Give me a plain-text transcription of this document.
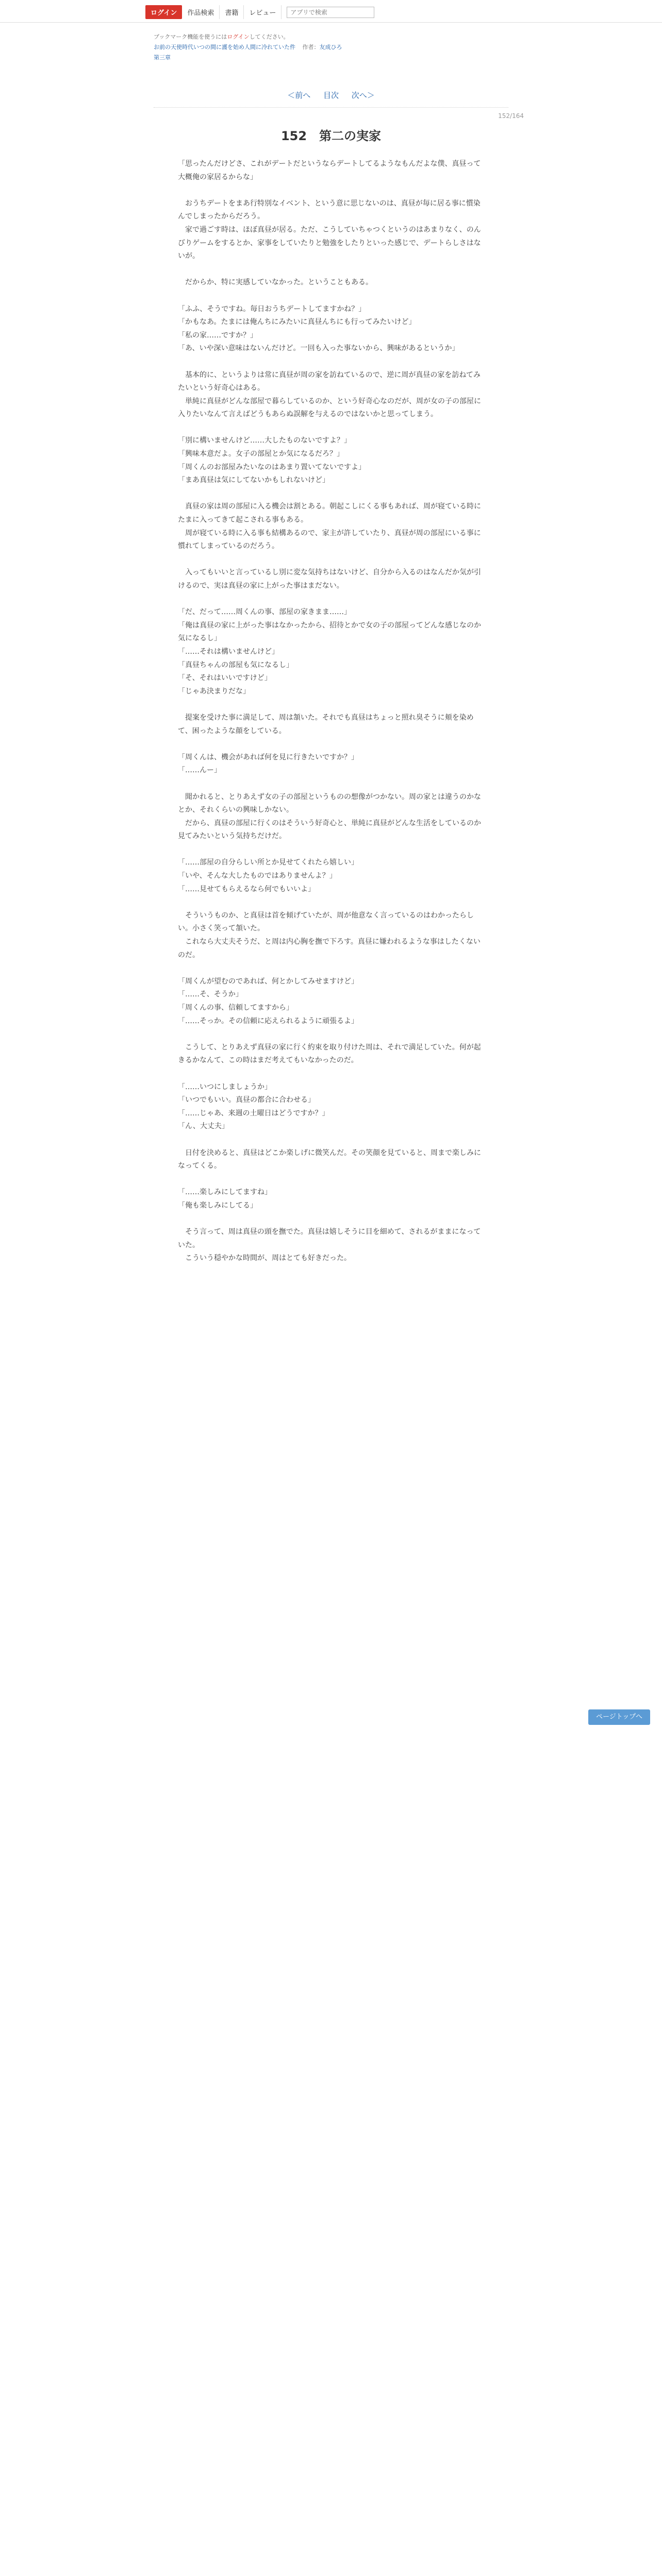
ログイン	作品検索	書籍	レビュー
アプリで検索
ブックマーク機能を使うにはログインしてください。
お前の天使時代いつの間に護を始め人間に冷れていた件 作者：友成ひろ
第三章
＜前へ 目次 次へ＞
152/164
152　第二の実家

「思ったんだけどさ、これがデートだというならデートしてるようなもんだよな僕、真昼って大概俺の家居るからな」

　おうちデートをまあ行特別なイベント、という意に思じないのは、真昼が毎に居る事に慣染んでしまったからだろう。

　家で過ごす時は、ほぼ真昼が居る。ただ、こうしていちゃつくというのはあまりなく、のんびりゲームをするとか、家事をしていたりと勉強をしたりといった感じで、デートらしさはないが。

　だからか、特に実感していなかった。ということもある。

「ふふ、そうですね。毎日おうちデートしてますかね？」

「かもなあ。たまには俺んちにみたいに真昼んちにも行ってみたいけど」

「私の家……ですか？」

「あ、いや深い意味はないんだけど。一回も入った事ないから、興味があるというか」

　基本的に、というよりは常に真昼が周の家を訪ねているので、逆に周が真昼の家を訪ねてみたいという好奇心はある。

　単純に真昼がどんな部屋で暮らしているのか、という好奇心なのだが、周が女の子の部屋に入りたいなんて言えばどうもあらぬ誤解を与えるのではないかと思ってしまう。

「別に構いませんけど……大したものないですよ？」

「興味本意だよ。女子の部屋とか気になるだろ？」

「周くんのお部屋みたいなのはあまり置いてないですよ」

「まあ真昼は気にしてないかもしれないけど」

　真昼の家は周の部屋に入る機会は割とある。朝起こしにくる事もあれば、周が寝ている時にたまに入ってきて起こされる事もある。

　周が寝ている時に入る事も結構あるので、家主が許していたり、真昼が周の部屋にいる事に慣れてしまっているのだろう。

　入ってもいいと言っているし別に変な気持ちはないけど、自分から入るのはなんだか気が引けるので、実は真昼の家に上がった事はまだない。

「だ、だって……周くんの事、部屋の家きまま……」

「俺は真昼の家に上がった事はなかったから、招待とかで女の子の部屋ってどんな感じなのか気になるし」

「……それは構いませんけど」

「真昼ちゃんの部屋も気になるし」

「そ、それはいいですけど」

「じゃあ決まりだな」

　提案を受けた事に満足して、周は頷いた。それでも真昼はちょっと照れ臭そうに頬を染めて、困ったような顔をしている。

「周くんは、機会があれば何を見に行きたいですか？」

「……んー」

　聞かれると、とりあえず女の子の部屋というものの想像がつかない。周の家とは違うのかなとか、それくらいの興味しかない。

　だから、真昼の部屋に行くのはそういう好奇心と、単純に真昼がどんな生活をしているのか見てみたいという気持ちだけだ。

「……部屋の自分らしい所とか見せてくれたら嬉しい」

「いや、そんな大したものではありませんよ？」

「……見せてもらえるなら何でもいいよ」

　そういうものか、と真昼は首を傾げていたが、周が他意なく言っているのはわかったらしい。小さく笑って頷いた。

　これなら大丈夫そうだ、と周は内心胸を撫で下ろす。真昼に嫌われるような事はしたくないのだ。

「周くんが望むのであれば、何とかしてみせますけど」

「……そ、そうか」

「周くんの事、信頼してますから」

「……そっか。その信頼に応えられるように頑張るよ」

　こうして、とりあえず真昼の家に行く約束を取り付けた周は、それで満足していた。何が起きるかなんて、この時はまだ考えてもいなかったのだ。

「……いつにしましょうか」

「いつでもいい。真昼の都合に合わせる」

「……じゃあ、来週の土曜日はどうですか？」

「ん、大丈夫」

　日付を決めると、真昼はどこか楽しげに微笑んだ。その笑顔を見ていると、周まで楽しみになってくる。

「……楽しみにしてますね」

「俺も楽しみにしてる」

　そう言って、周は真昼の頭を撫でた。真昼は嬉しそうに目を細めて、されるがままになっていた。

　こういう穏やかな時間が、周はとても好きだった。

ページトップへ
